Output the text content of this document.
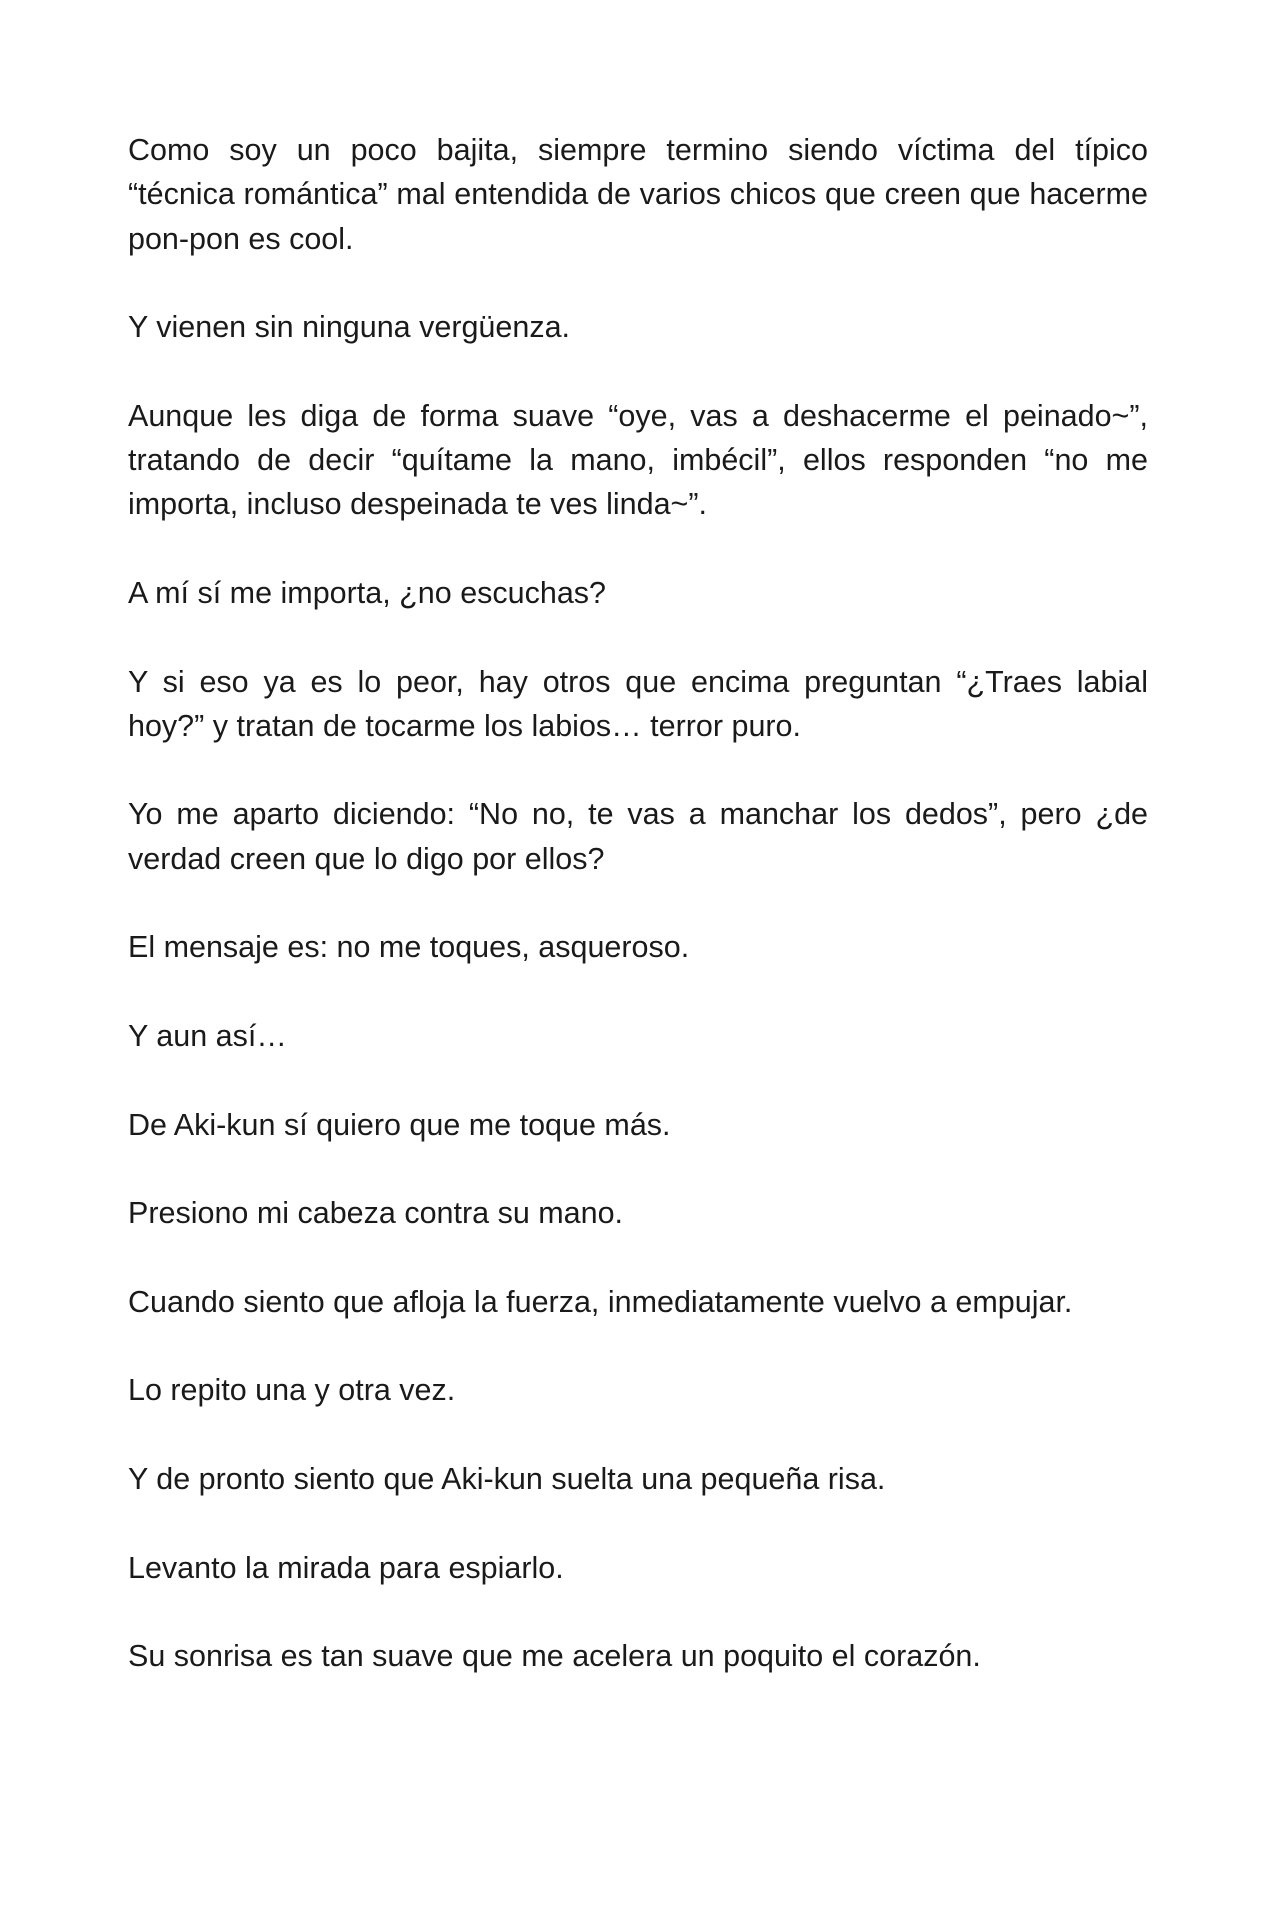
Como soy un poco bajita, siempre termino siendo víctima del típico “técnica romántica” mal entendida de varios chicos que creen que hacerme pon-pon es cool.

Y vienen sin ninguna vergüenza.

Aunque les diga de forma suave “oye, vas a deshacerme el peinado~”, tratando de decir “quítame la mano, imbécil”, ellos responden “no me importa, incluso despeinada te ves linda~”.

A mí sí me importa, ¿no escuchas?

Y si eso ya es lo peor, hay otros que encima preguntan “¿Traes labial hoy?” y tratan de tocarme los labios… terror puro.

Yo me aparto diciendo: “No no, te vas a manchar los dedos”, pero ¿de verdad creen que lo digo por ellos?

El mensaje es: no me toques, asqueroso.

Y aun así…

De Aki-kun sí quiero que me toque más.

Presiono mi cabeza contra su mano.

Cuando siento que afloja la fuerza, inmediatamente vuelvo a empujar.

Lo repito una y otra vez.

Y de pronto siento que Aki-kun suelta una pequeña risa.

Levanto la mirada para espiarlo.

Su sonrisa es tan suave que me acelera un poquito el corazón.
